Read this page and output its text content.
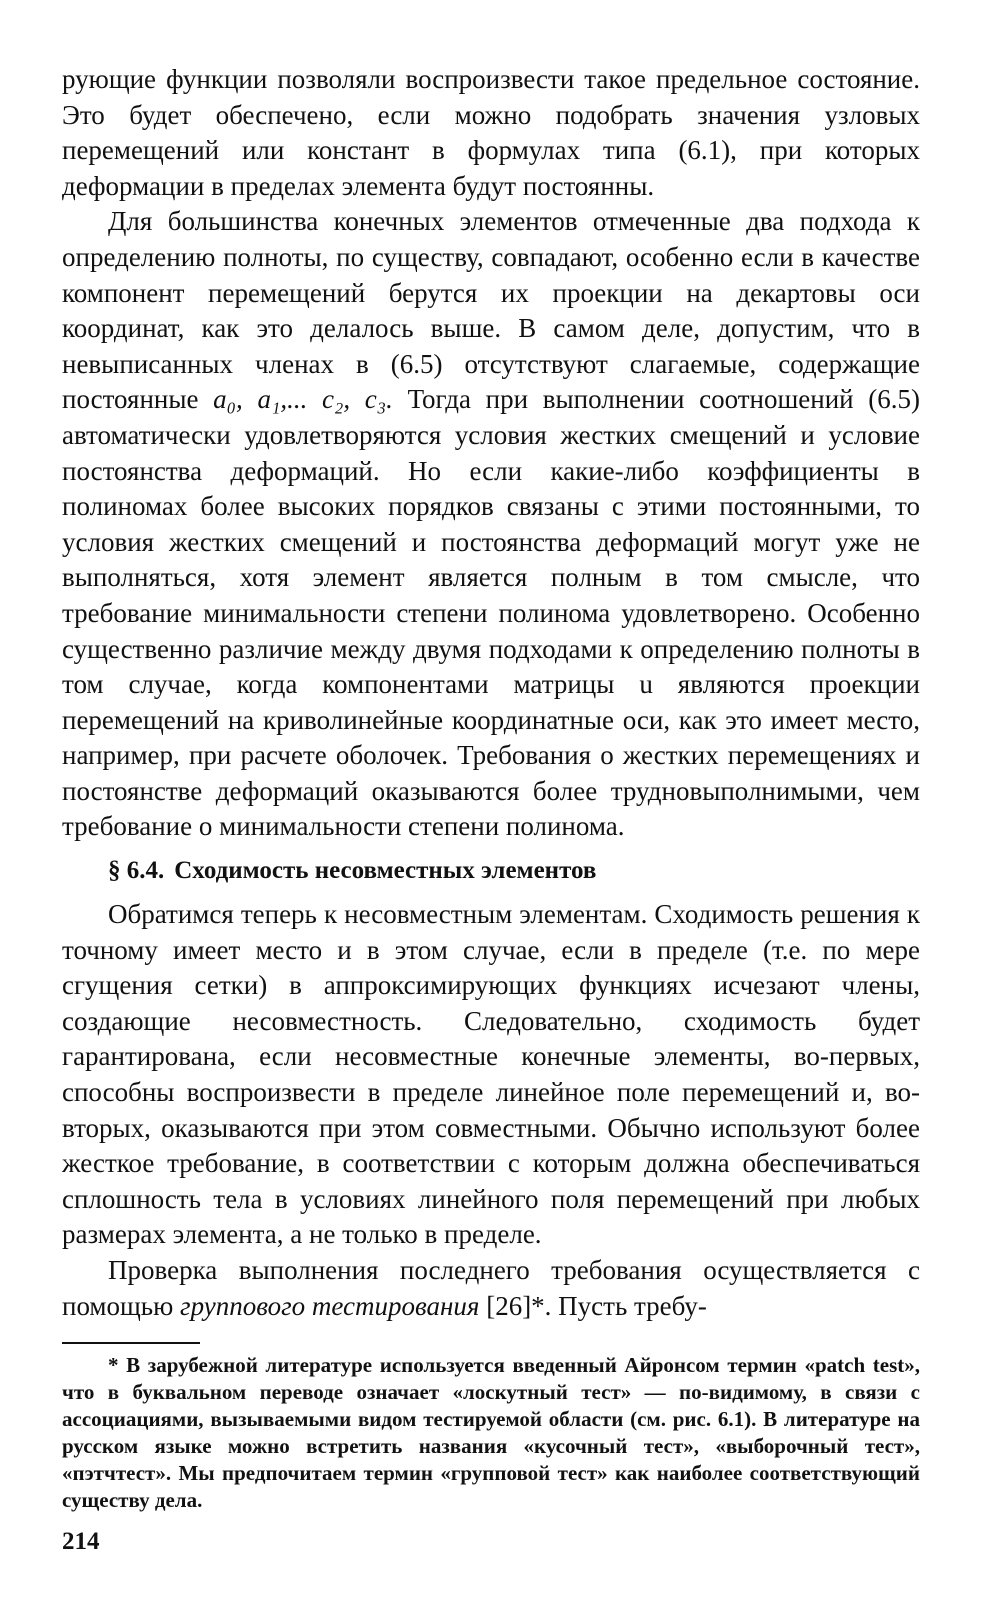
рующие функции позволяли воспроизвести такое предельное состояние. Это будет обеспечено, если можно подобрать значения узловых перемещений или констант в формулах типа (6.1), при которых деформации в пределах элемента будут постоянны.

Для большинства конечных элементов отмеченные два подхода к определению полноты, по существу, совпадают, особенно если в качестве компонент перемещений берутся их проекции на декартовы оси координат, как это делалось выше. В самом деле, допустим, что в невыписанных членах в (6.5) отсутствуют слагаемые, содержащие постоянные a₀, a₁,... c₂, c₃. Тогда при выполнении соотношений (6.5) автоматически удовлетворяются условия жестких смещений и условие постоянства деформаций. Но если какие-либо коэффициенты в полиномах более высоких порядков связаны с этими постоянными, то условия жестких смещений и постоянства деформаций могут уже не выполняться, хотя элемент является полным в том смысле, что требование минимальности степени полинома удовлетворено. Особенно существенно различие между двумя подходами к определению полноты в том случае, когда компонентами матрицы u являются проекции перемещений на криволинейные координатные оси, как это имеет место, например, при расчете оболочек. Требования о жестких перемещениях и постоянстве деформаций оказываются более трудновыполнимыми, чем требование о минимальности степени полинома.

§ 6.4. Сходимость несовместных элементов

Обратимся теперь к несовместным элементам. Сходимость решения к точному имеет место и в этом случае, если в пределе (т.е. по мере сгущения сетки) в аппроксимирующих функциях исчезают члены, создающие несовместность. Следовательно, сходимость будет гарантирована, если несовместные конечные элементы, во-первых, способны воспроизвести в пределе линейное поле перемещений и, во-вторых, оказываются при этом совместными. Обычно используют более жесткое требование, в соответствии с которым должна обеспечиваться сплошность тела в условиях линейного поля перемещений при любых размерах элемента, а не только в пределе.

Проверка выполнения последнего требования осуществляется с помощью группового тестирования [26]*. Пусть требу-

* В зарубежной литературе используется введенный Айронсом термин «patch test», что в буквальном переводе означает «лоскутный тест» — по-видимому, в связи с ассоциациями, вызываемыми видом тестируемой области (см. рис. 6.1). В литературе на русском языке можно встретить названия «кусочный тест», «выборочный тест», «пэтчтест». Мы предпочитаем термин «групповой тест» как наиболее соответствующий существу дела.

214
